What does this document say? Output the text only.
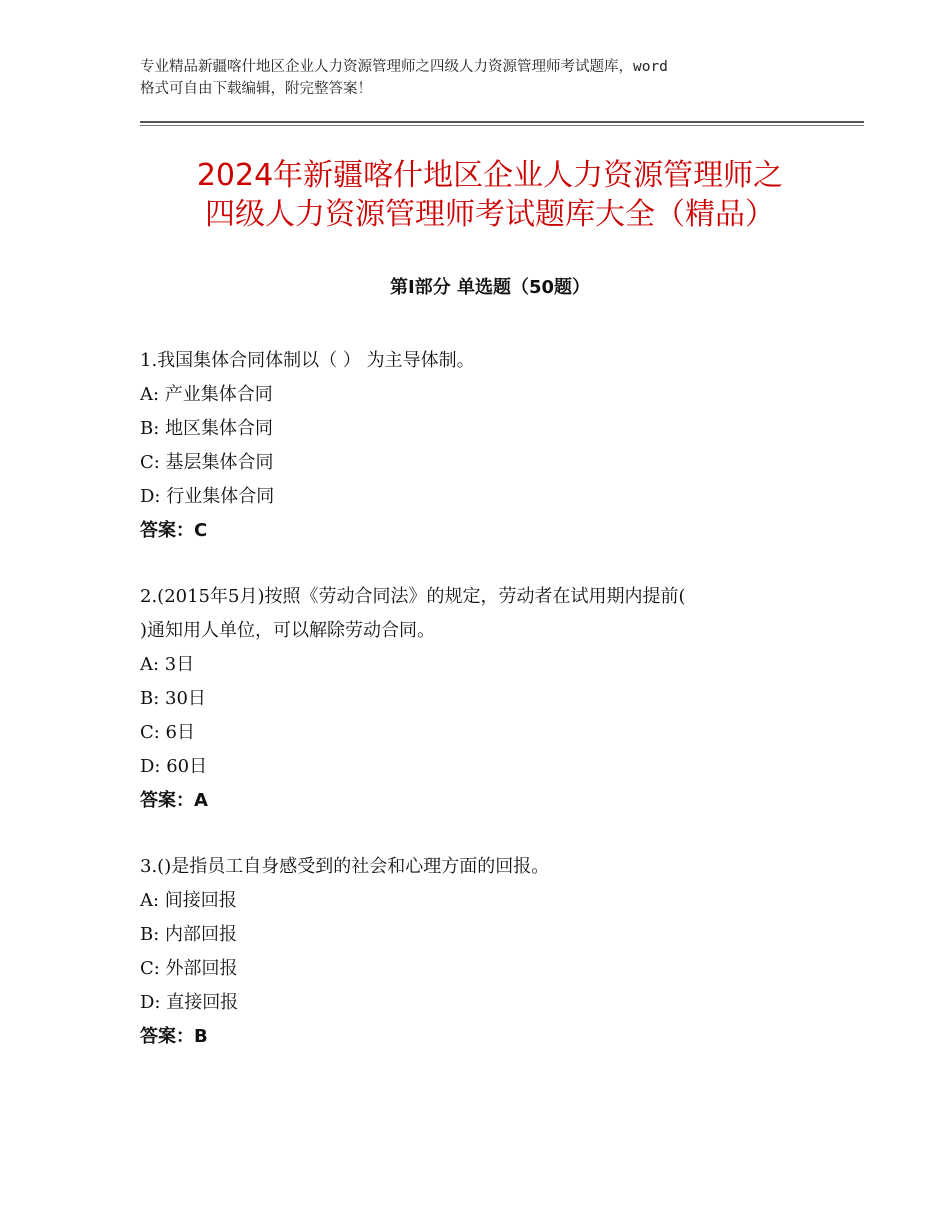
专业精品新疆喀什地区企业人力资源管理师之四级人力资源管理师考试题库，word
格式可自由下载编辑，附完整答案！
2024年新疆喀什地区企业人力资源管理师之
四级人力资源管理师考试题库大全（精品）
第Ⅰ部分 单选题（50题）
1.我国集体合同体制以（ ） 为主导体制。
A: 产业集体合同
B: 地区集体合同
C: 基层集体合同
D: 行业集体合同
答案：C
2.(2015年5月)按照《劳动合同法》的规定，劳动者在试用期内提前(
)通知用人单位，可以解除劳动合同。
A: 3日
B: 30日
C: 6日
D: 60日
答案：A
3.()是指员工自身感受到的社会和心理方面的回报。
A: 间接回报
B: 内部回报
C: 外部回报
D: 直接回报
答案：B
